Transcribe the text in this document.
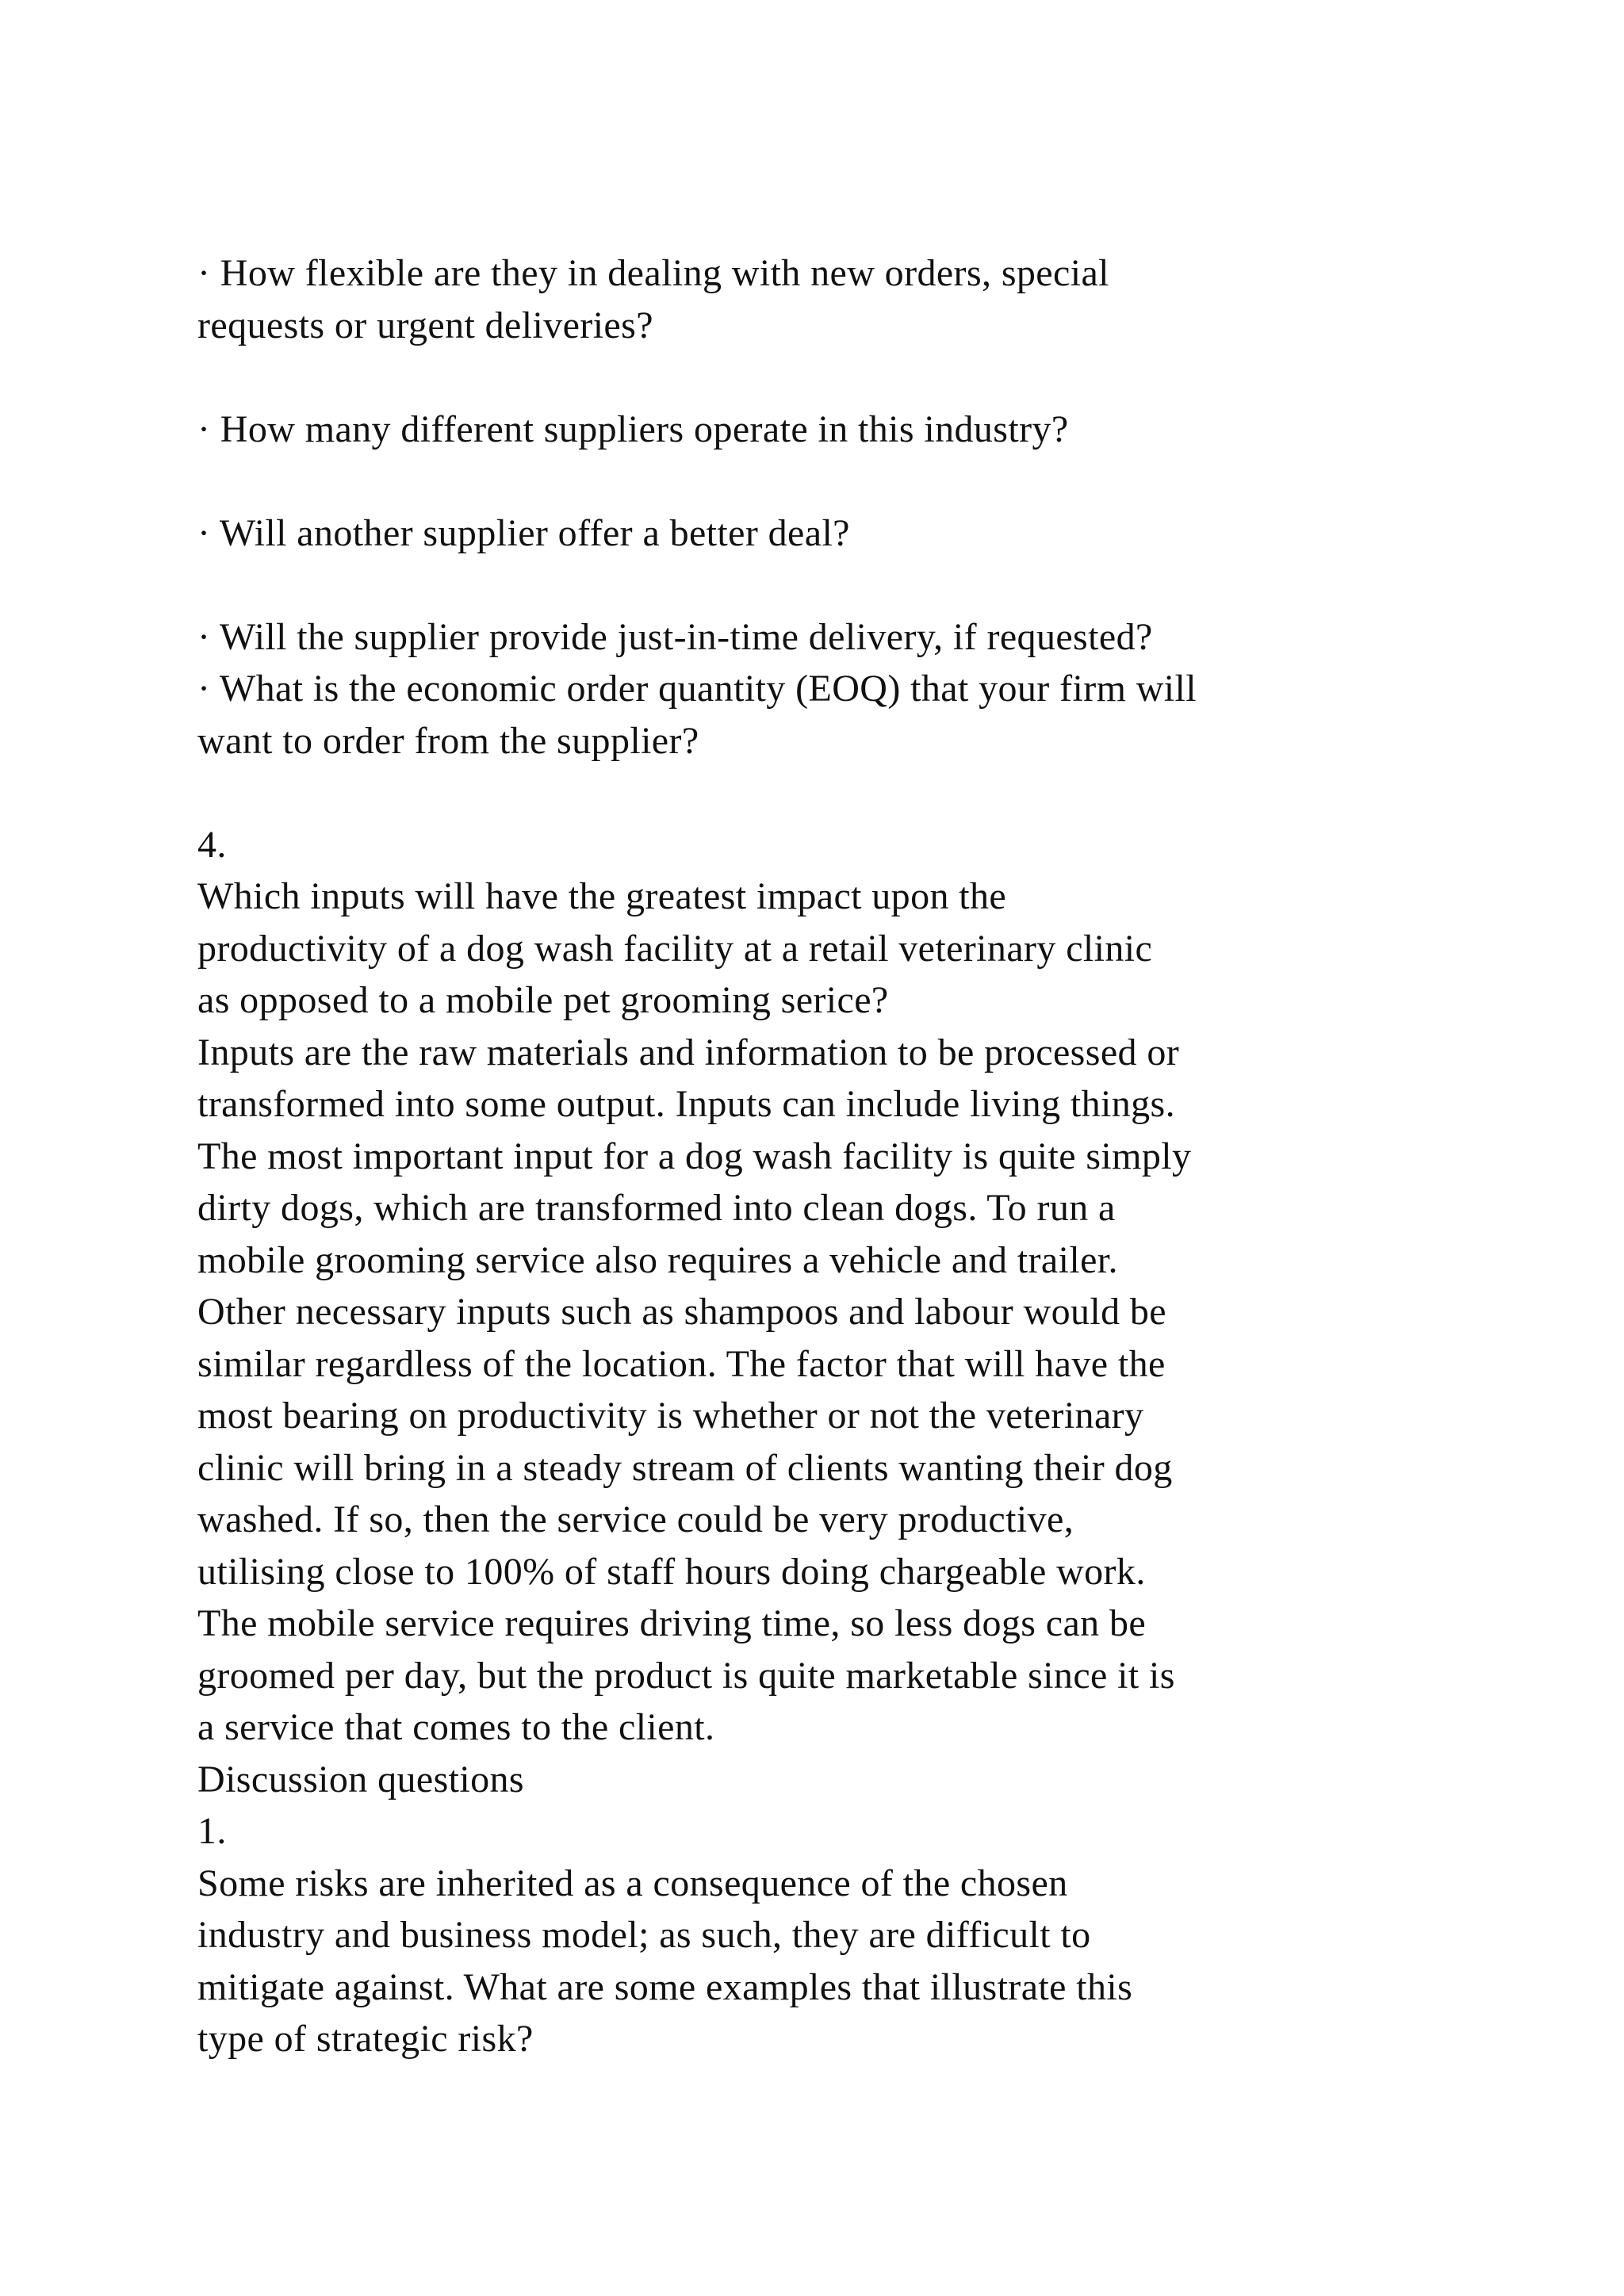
· How flexible are they in dealing with new orders, special
requests or urgent deliveries?
· How many different suppliers operate in this industry?
· Will another supplier offer a better deal?
· Will the supplier provide just-in-time delivery, if requested?
· What is the economic order quantity (EOQ) that your firm will
want to order from the supplier?
4.
Which inputs will have the greatest impact upon the
productivity of a dog wash facility at a retail veterinary clinic
as opposed to a mobile pet grooming serice?
Inputs are the raw materials and information to be processed or
transformed into some output. Inputs can include living things.
The most important input for a dog wash facility is quite simply
dirty dogs, which are transformed into clean dogs. To run a
mobile grooming service also requires a vehicle and trailer.
Other necessary inputs such as shampoos and labour would be
similar regardless of the location. The factor that will have the
most bearing on productivity is whether or not the veterinary
clinic will bring in a steady stream of clients wanting their dog
washed. If so, then the service could be very productive,
utilising close to 100% of staff hours doing chargeable work.
The mobile service requires driving time, so less dogs can be
groomed per day, but the product is quite marketable since it is
a service that comes to the client.
Discussion questions
1.
Some risks are inherited as a consequence of the chosen
industry and business model; as such, they are difficult to
mitigate against. What are some examples that illustrate this
type of strategic risk?
